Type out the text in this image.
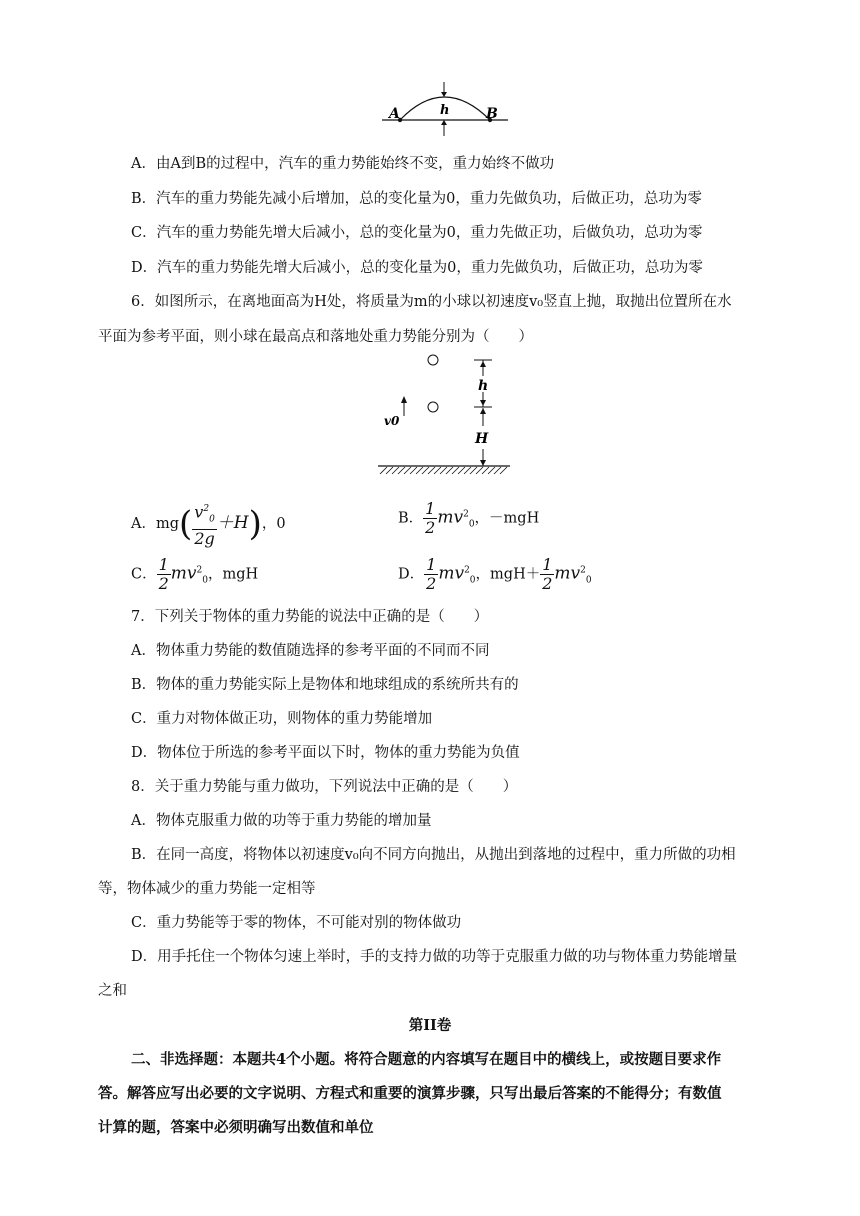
A	B
h
A．由A到B的过程中，汽车的重力势能始终不变，重力始终不做功
B．汽车的重力势能先减小后增加，总的变化量为0，重力先做负功，后做正功，总功为零
C．汽车的重力势能先增大后减小，总的变化量为0，重力先做正功，后做负功，总功为零
D．汽车的重力势能先增大后减小，总的变化量为0，重力先做负功，后做正功，总功为零
6．如图所示，在离地面高为H处，将质量为m的小球以初速度v₀竖直上抛，取抛出位置所在水
平面为参考平面，则小球在最高点和落地处重力势能分别为（　　）
h
H
v0
A．$mg( \frac{v^2_0}{2g} +H)$，0	B． $\frac{1}{2} mv^2_0$，－mgH
C． $\frac{1}{2} mv^2_0$，mgH	D． $\frac{1}{2} mv^2_0$，$mgH+ \frac{1}{2} mv^2_0$
7．下列关于物体的重力势能的说法中正确的是（　　）
A．物体重力势能的数值随选择的参考平面的不同而不同
B．物体的重力势能实际上是物体和地球组成的系统所共有的
C．重力对物体做正功，则物体的重力势能增加
D．物体位于所选的参考平面以下时，物体的重力势能为负值
8．关于重力势能与重力做功，下列说法中正确的是（　　）
A．物体克服重力做的功等于重力势能的增加量
B．在同一高度，将物体以初速度v₀向不同方向抛出，从抛出到落地的过程中，重力所做的功相
等，物体减少的重力势能一定相等
C．重力势能等于零的物体，不可能对别的物体做功
D．用手托住一个物体匀速上举时，手的支持力做的功等于克服重力做的功与物体重力势能增量
之和
第II卷
二、非选择题：本题共4个小题。将符合题意的内容填写在题目中的横线上，或按题目要求作
答。解答应写出必要的文字说明、方程式和重要的演算步骤，只写出最后答案的不能得分；有数值
计算的题，答案中必须明确写出数值和单位
